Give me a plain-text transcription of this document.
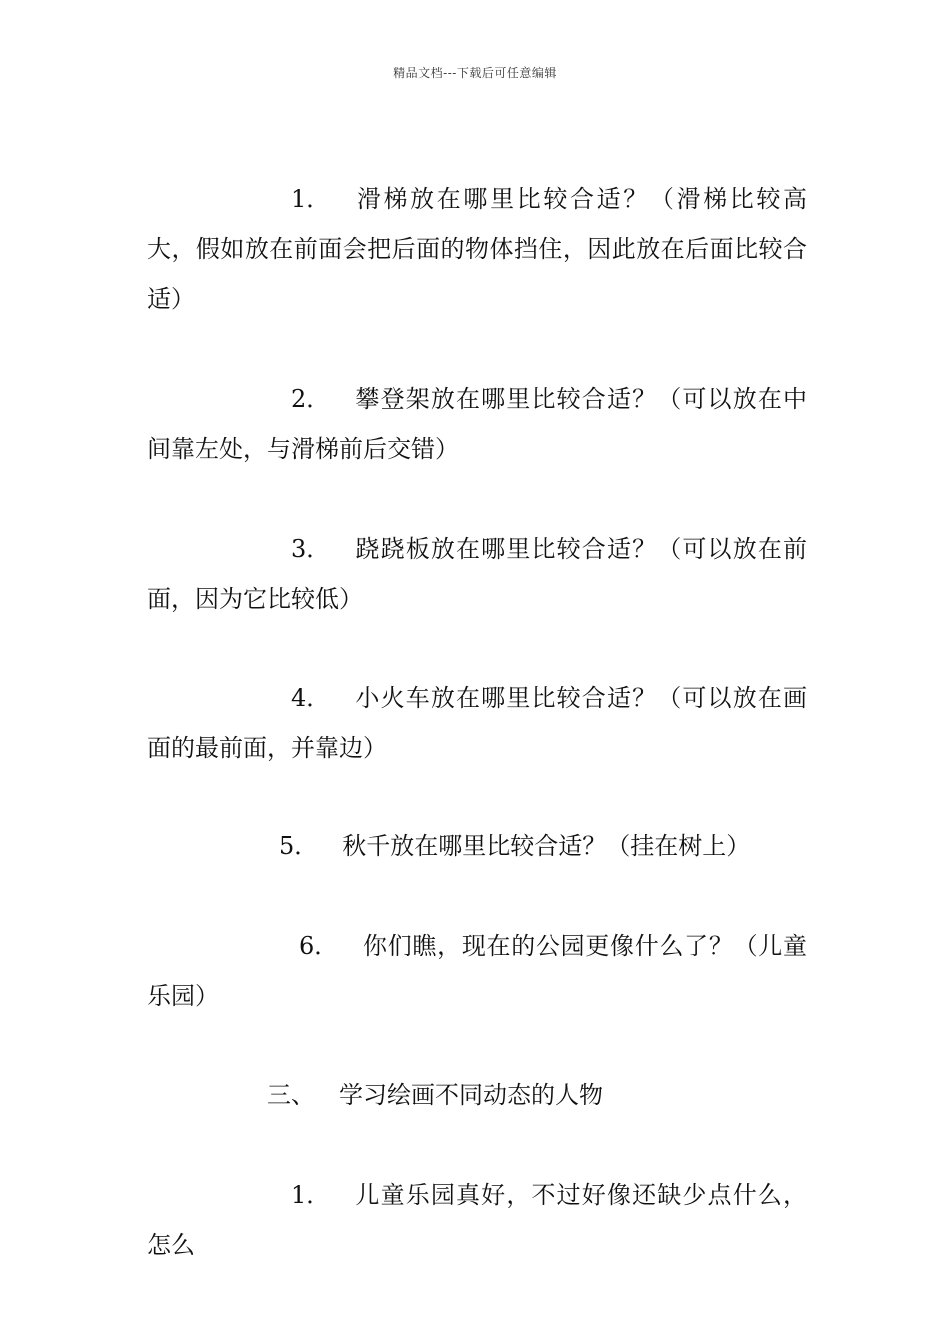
精品文档---下载后可任意编辑
1． 滑梯放在哪里比较合适？（滑梯比较高大，假如放在前面会把后面的物体挡住，因此放在后面比较合适）
2． 攀登架放在哪里比较合适？（可以放在中间靠左处，与滑梯前后交错）
3． 跷跷板放在哪里比较合适？（可以放在前面，因为它比较低）
4． 小火车放在哪里比较合适？（可以放在画面的最前面，并靠边）
5． 秋千放在哪里比较合适？（挂在树上）
6． 你们瞧，现在的公园更像什么了？（儿童乐园）
三、 学习绘画不同动态的人物
1． 儿童乐园真好，不过好像还缺少点什么，怎么
